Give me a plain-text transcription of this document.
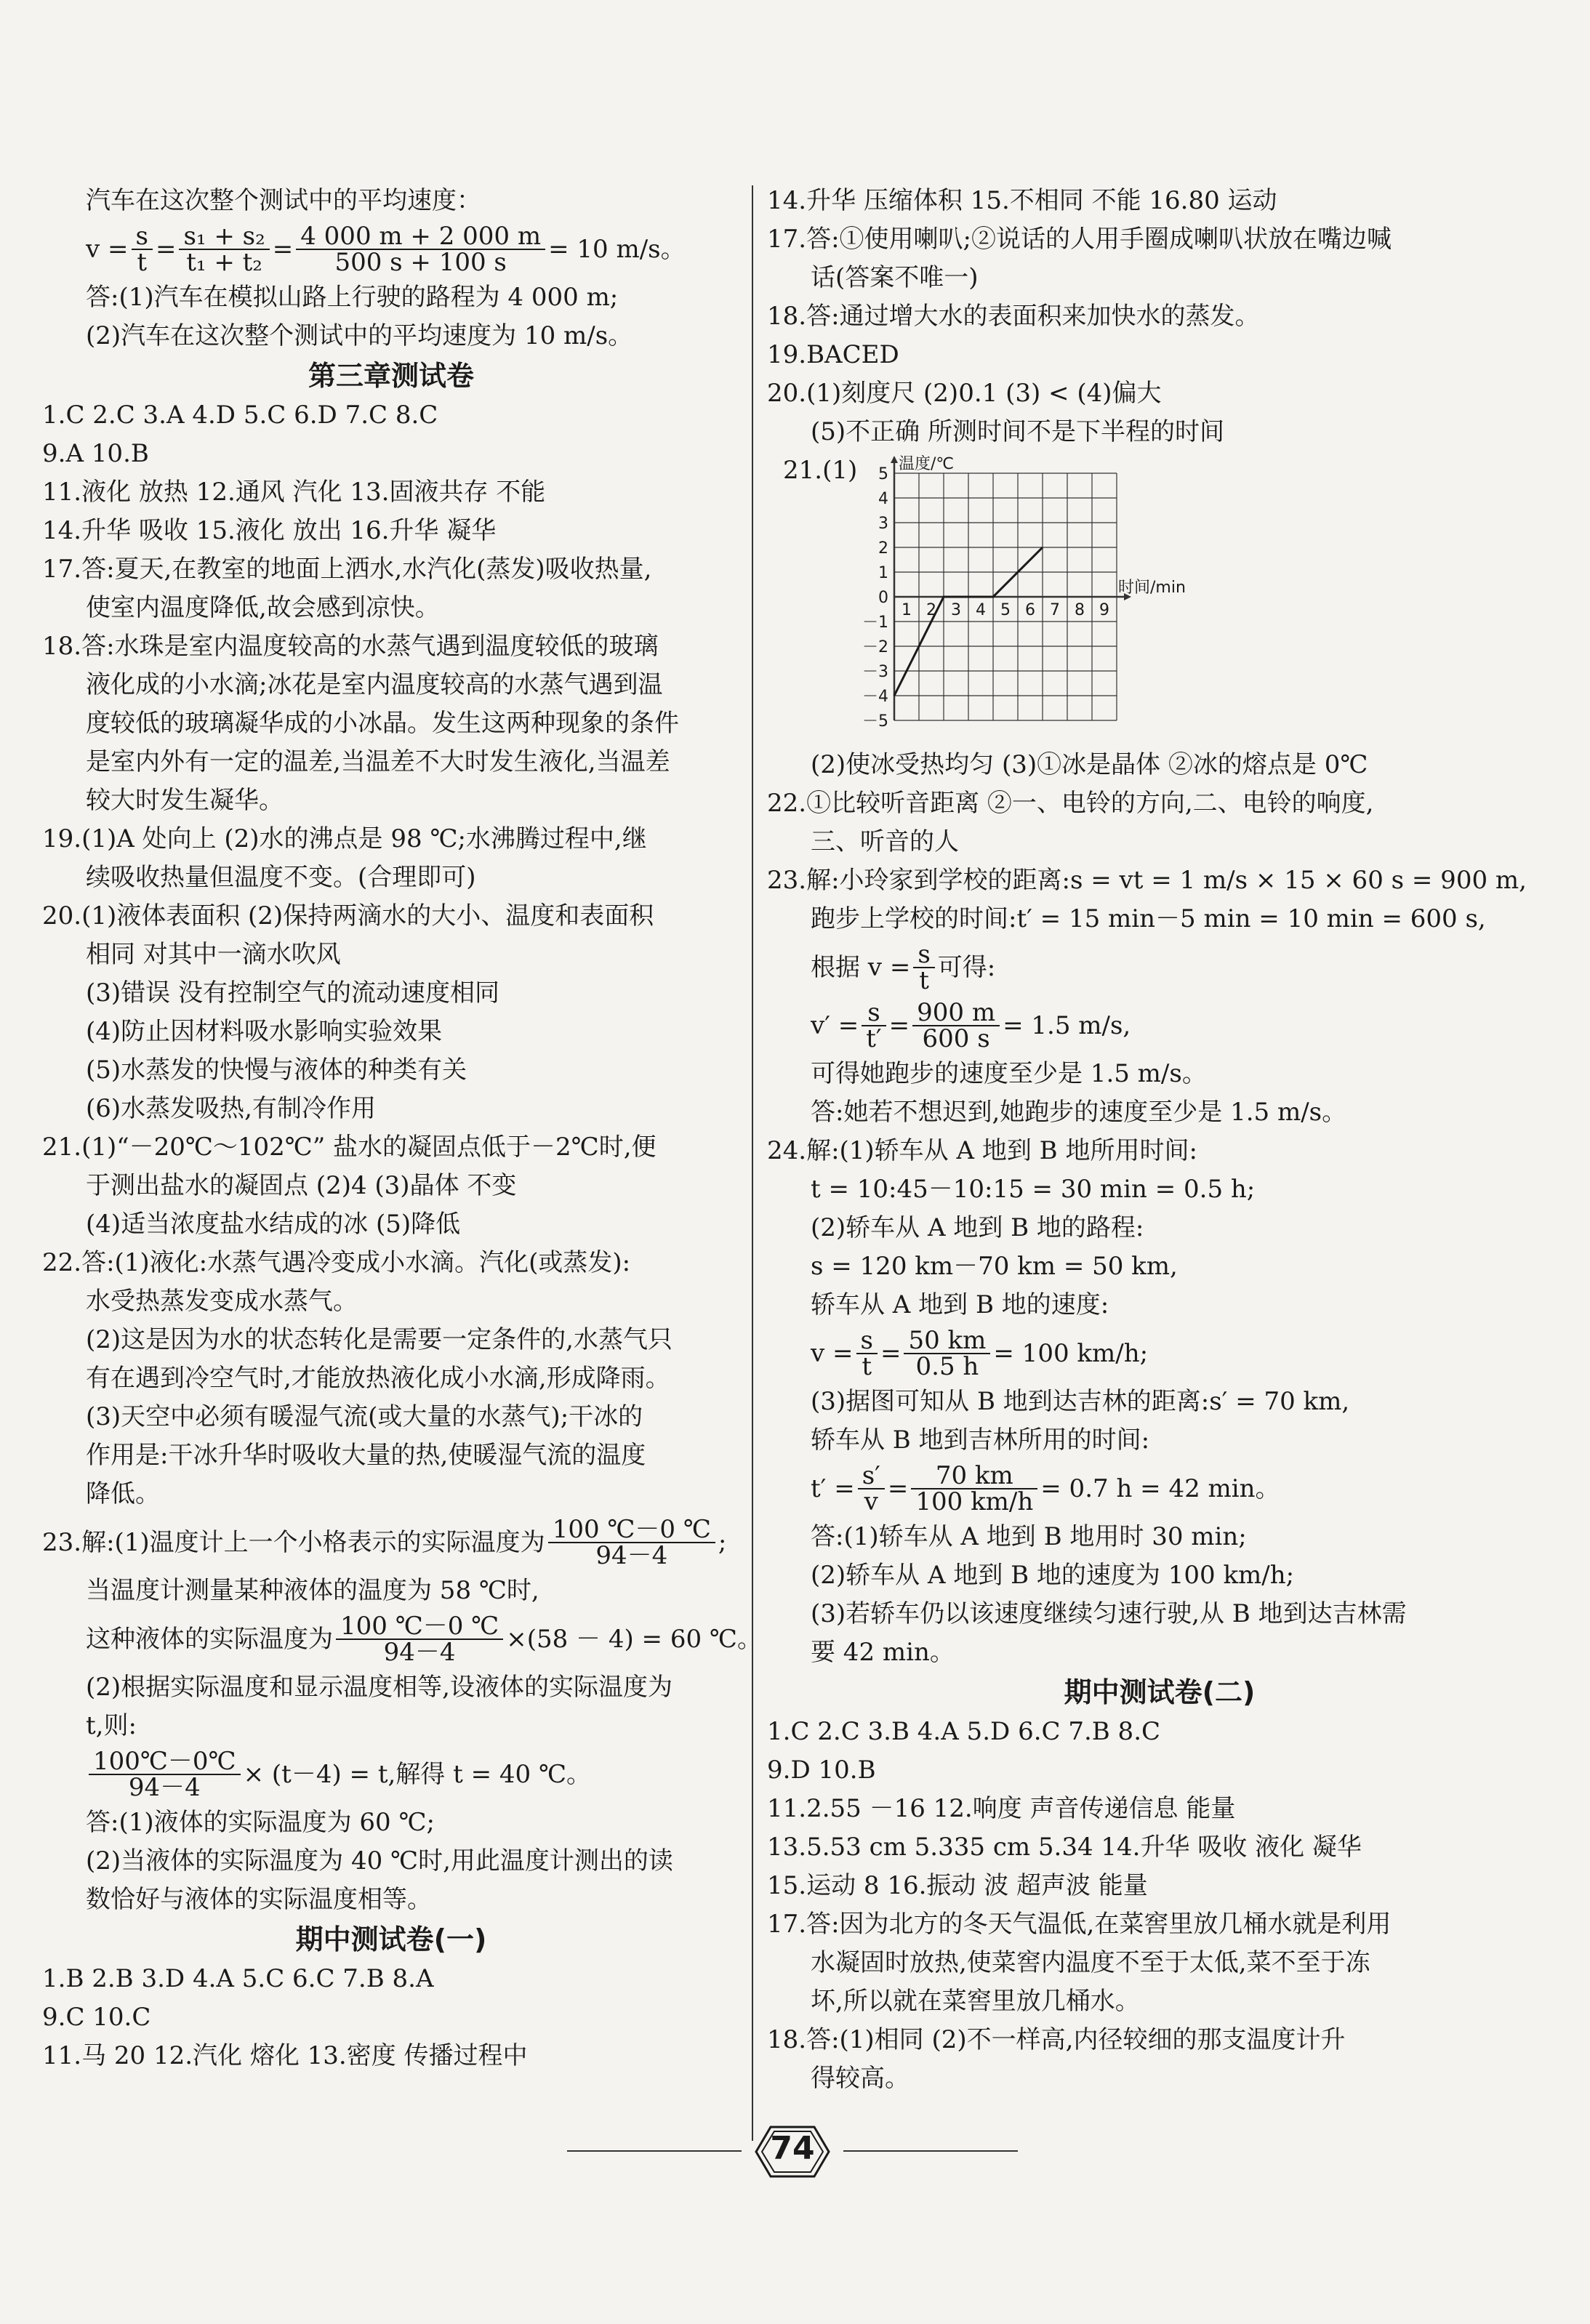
汽车在这次整个测试中的平均速度：
$v = \frac{s}{t} = \frac{\text{s₁ + s₂}}{\text{t₁ + t₂}} = \frac{4 000 m + 2 000 m}{500 s + 100 s} = 10$ m/s。
答:(1)汽车在模拟山路上行驶的路程为 4 000 m;
(2)汽车在这次整个测试中的平均速度为 10 m/s。
第三章测试卷
1.C 2.C 3.A 4.D 5.C 6.D 7.C 8.C
9.A 10.B
11.液化 放热 12.通风 汽化 13.固液共存 不能
14.升华 吸收 15.液化 放出 16.升华 凝华
17.答:夏天,在教室的地面上洒水,水汽化(蒸发)吸收热量,
使室内温度降低,故会感到凉快。
18.答:水珠是室内温度较高的水蒸气遇到温度较低的玻璃
液化成的小水滴;冰花是室内温度较高的水蒸气遇到温
度较低的玻璃凝华成的小冰晶。发生这两种现象的条件
是室内外有一定的温差,当温差不大时发生液化,当温差
较大时发生凝华。
19.(1)A 处向上 (2)水的沸点是 98 ℃;水沸腾过程中,继
续吸收热量但温度不变。(合理即可)
20.(1)液体表面积 (2)保持两滴水的大小、温度和表面积
相同 对其中一滴水吹风
(3)错误 没有控制空气的流动速度相同
(4)防止因材料吸水影响实验效果
(5)水蒸发的快慢与液体的种类有关
(6)水蒸发吸热,有制冷作用
21.(1)“－20℃～102℃” 盐水的凝固点低于－2℃时,便
于测出盐水的凝固点 (2)4 (3)晶体 不变
(4)适当浓度盐水结成的冰 (5)降低
22.答:(1)液化:水蒸气遇冷变成小水滴。汽化(或蒸发):
水受热蒸发变成水蒸气。
(2)这是因为水的状态转化是需要一定条件的,水蒸气只
有在遇到冷空气时,才能放热液化成小水滴,形成降雨。
(3)天空中必须有暖湿气流(或大量的水蒸气);干冰的
作用是:干冰升华时吸收大量的热,使暖湿气流的温度
降低。
23.解:(1)温度计上一个小格表示的实际温度为 $\frac{100 ℃-0 ℃}{94-4}$ ;
当温度计测量某种液体的温度为 58 ℃时,
这种液体的实际温度为 $\frac{100 ℃-0 ℃}{94-4} \times(58 - 4) = 60$ ℃。
(2)根据实际温度和显示温度相等,设液体的实际温度为
t,则:
$\frac{100℃-0℃}{94-4} \times (t-4) = t$,解得 t = 40 ℃。
答:(1)液体的实际温度为 60 ℃;
(2)当液体的实际温度为 40 ℃时,用此温度计测出的读
数恰好与液体的实际温度相等。
期中测试卷(一)
1.B 2.B 3.D 4.A 5.C 6.C 7.B 8.A
9.C 10.C
11.马 20 12.汽化 熔化 13.密度 传播过程中
14.升华 压缩体积 15.不相同 不能 16.80 运动
17.答:①使用喇叭;②说话的人用手圈成喇叭状放在嘴边喊
话(答案不唯一)
18.答:通过增大水的表面积来加快水的蒸发。
19.BACED
20.(1)刻度尺 (2)0.1 (3) < (4)偏大
(5)不正确 所测时间不是下半程的时间
21.(1)	温度/℃
时间/min
5
4
3
2
1
0
－1
－2
－3
－4
－5
1 2 3 4 5 6 7 8 9
(2)使冰受热均匀 (3)①冰是晶体 ②冰的熔点是 0℃
22.①比较听音距离 ②一、电铃的方向,二、电铃的响度,
三、听音的人
23.解:小玲家到学校的距离:s = vt = 1 m/s × 15 × 60 s = 900 m,
跑步上学校的时间:t′ = 15 min－5 min = 10 min = 600 s,
根据 $v = \frac{s}{t}$ 可得:
$v' = \frac{s}{t'} = \frac{900 m}{600 s} = 1.5$ m/s,
可得她跑步的速度至少是 1.5 m/s。
答:她若不想迟到,她跑步的速度至少是 1.5 m/s。
24.解:(1)轿车从 A 地到 B 地所用时间:
t = 10:45－10:15 = 30 min = 0.5 h;
(2)轿车从 A 地到 B 地的路程:
s = 120 km－70 km = 50 km,
轿车从 A 地到 B 地的速度:
$v = \frac{s}{t} = \frac{50 km}{0.5 h} = 100$ km/h;
(3)据图可知从 B 地到达吉林的距离:s′ = 70 km,
轿车从 B 地到吉林所用的时间:
$t' = \frac{s'}{v} = \frac{70 km}{100 km/h} = 0.7$ h = 42 min。
答:(1)轿车从 A 地到 B 地用时 30 min;
(2)轿车从 A 地到 B 地的速度为 100 km/h;
(3)若轿车仍以该速度继续匀速行驶,从 B 地到达吉林需
要 42 min。
期中测试卷(二)
1.C 2.C 3.B 4.A 5.D 6.C 7.B 8.C
9.D 10.B
11.2.55 －16 12.响度 声音传递信息 能量
13.5.53 cm 5.335 cm 5.34 14.升华 吸收 液化 凝华
15.运动 8 16.振动 波 超声波 能量
17.答:因为北方的冬天气温低,在菜窖里放几桶水就是利用
水凝固时放热,使菜窖内温度不至于太低,菜不至于冻
坏,所以就在菜窖里放几桶水。
18.答:(1)相同 (2)不一样高,内径较细的那支温度计升
得较高。
74
